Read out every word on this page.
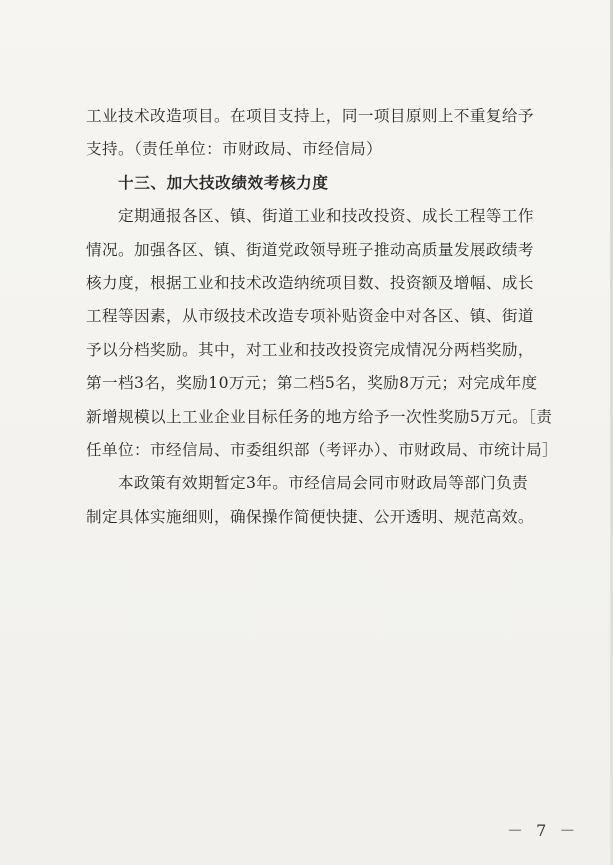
工业技术改造项目。在项目支持上，同一项目原则上不重复给予
支持。（责任单位：市财政局、市经信局）
十三、加大技改绩效考核力度
定期通报各区、镇、街道工业和技改投资、成长工程等工作
情况。加强各区、镇、街道党政领导班子推动高质量发展政绩考
核力度，根据工业和技术改造纳统项目数、投资额及增幅、成长
工程等因素，从市级技术改造专项补贴资金中对各区、镇、街道
予以分档奖励。其中，对工业和技改投资完成情况分两档奖励，
第一档3名，奖励10万元；第二档5名，奖励8万元；对完成年度
新增规模以上工业企业目标任务的地方给予一次性奖励5万元。［责
任单位：市经信局、市委组织部（考评办）、市财政局、市统计局］
本政策有效期暂定3年。市经信局会同市财政局等部门负责
制定具体实施细则，确保操作简便快捷、公开透明、规范高效。
－ 7 －
